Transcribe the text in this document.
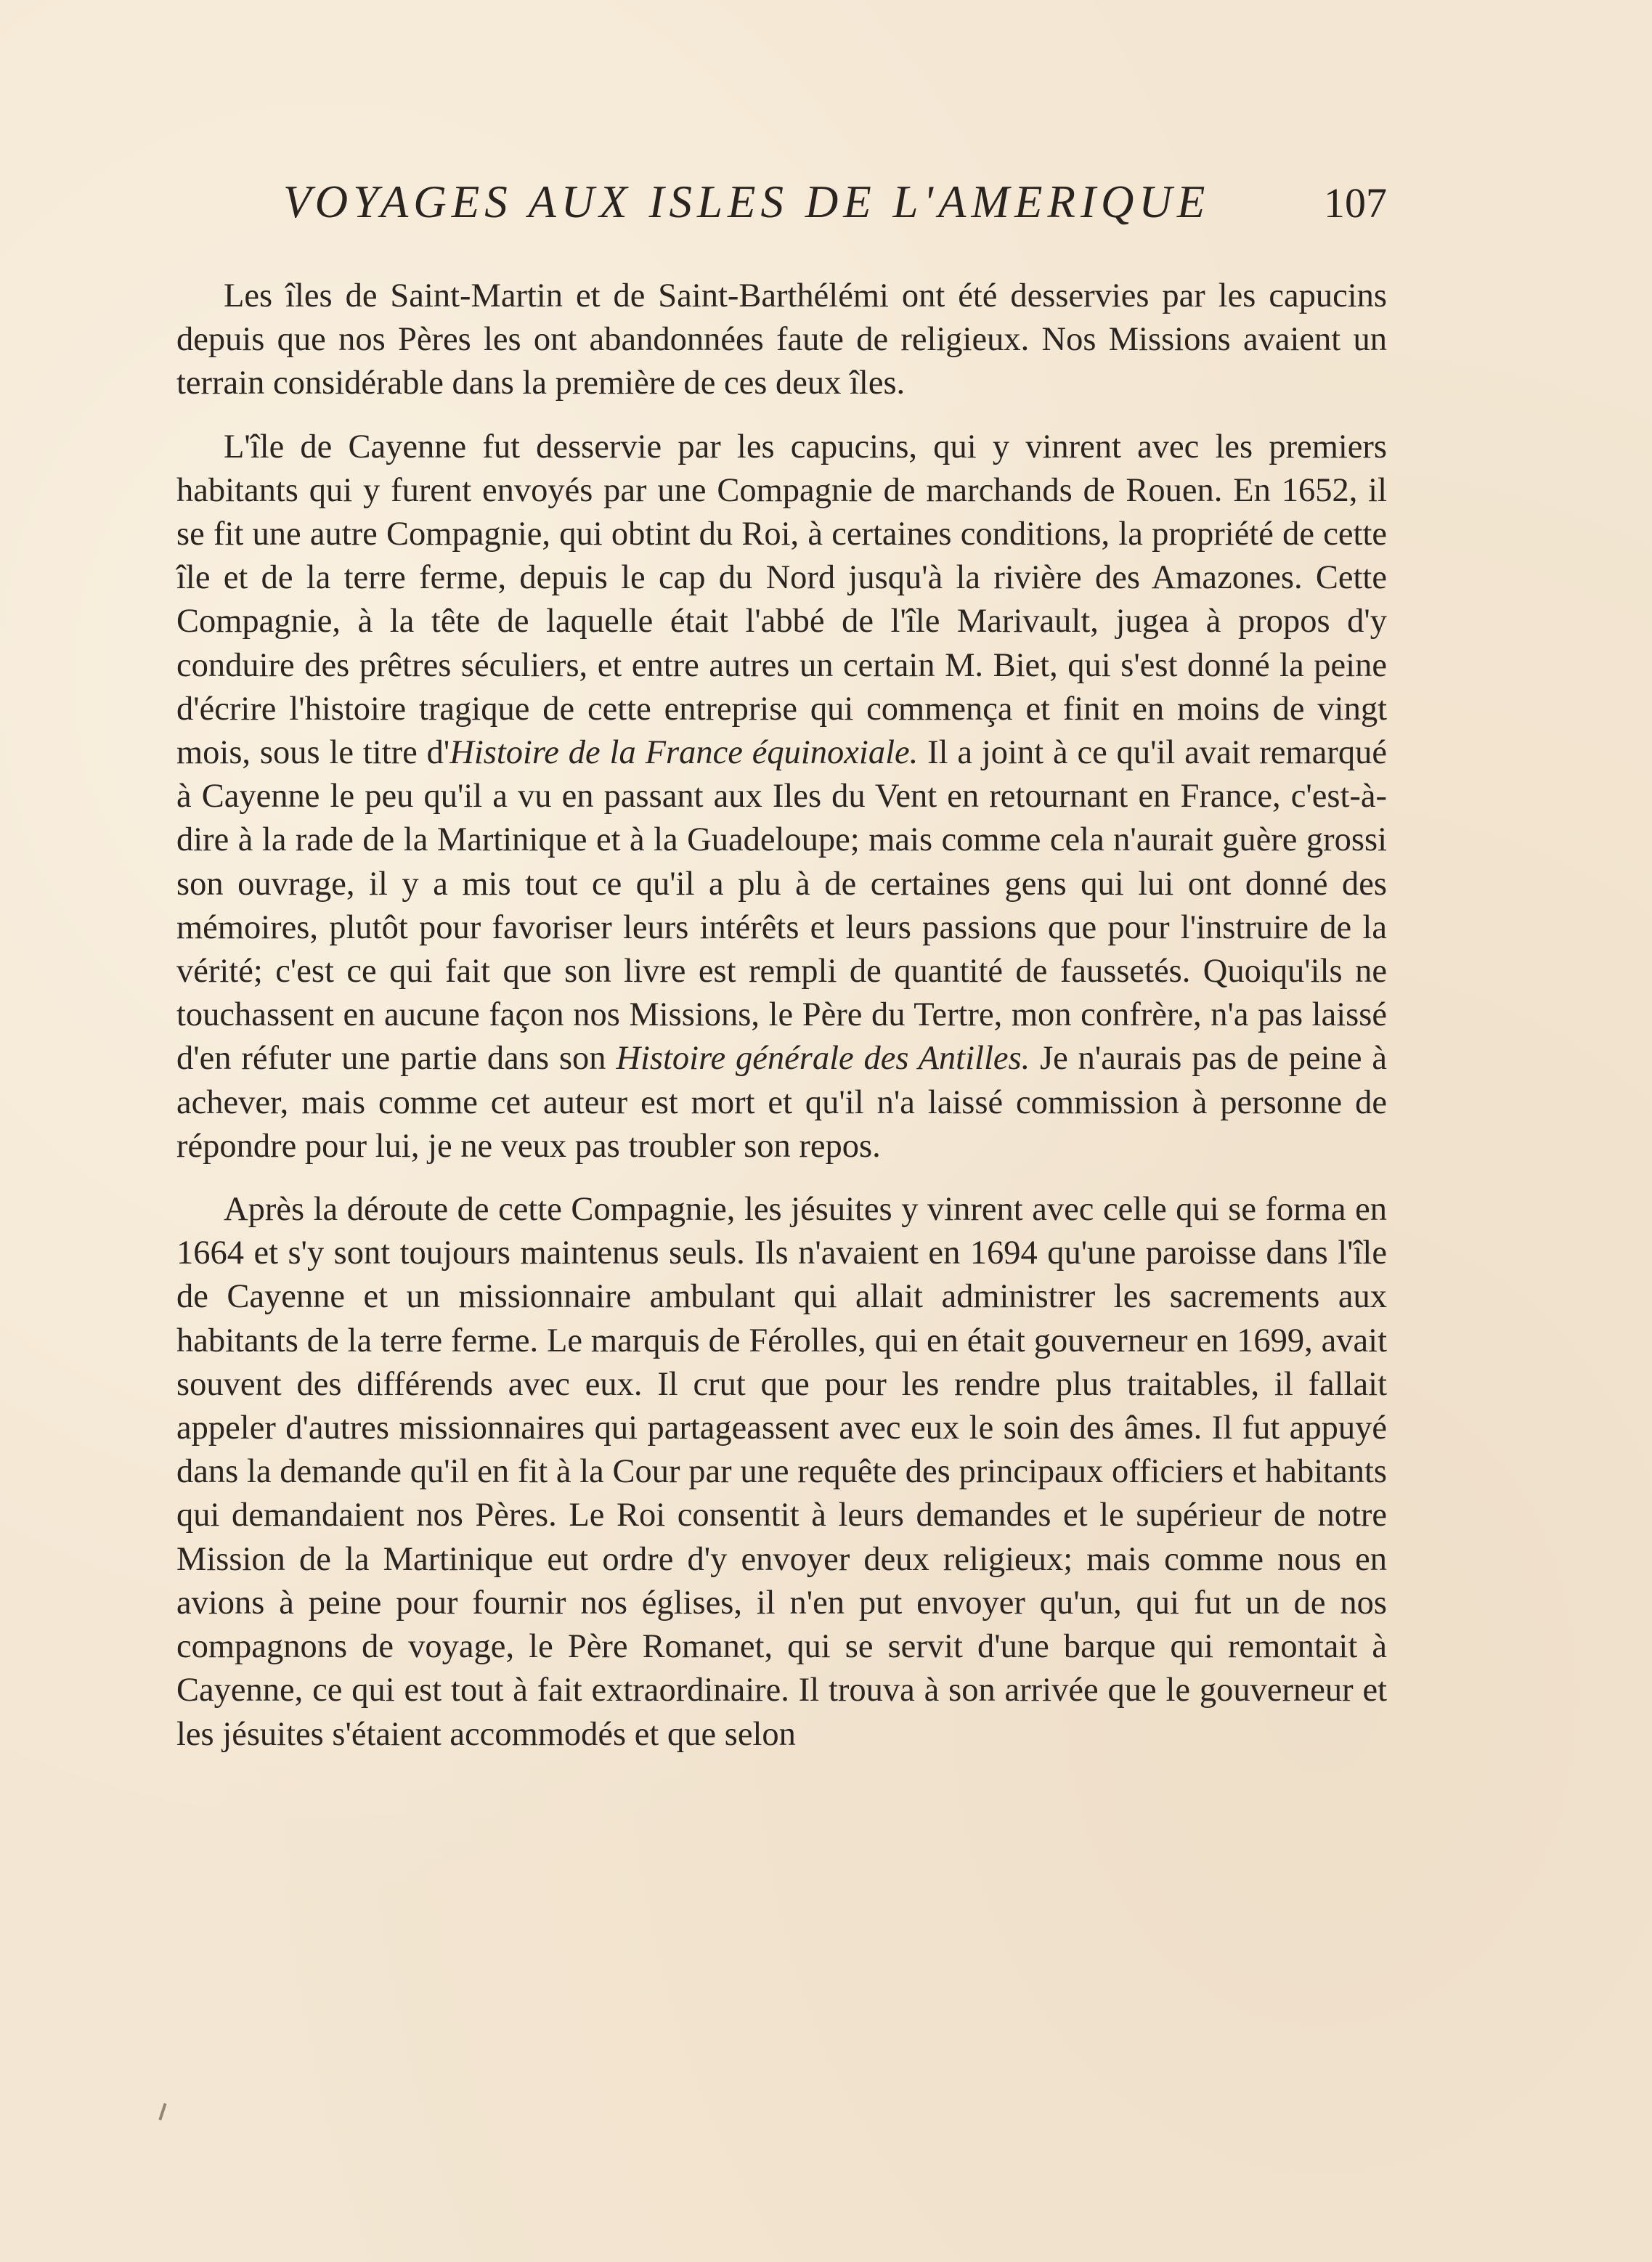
VOYAGES AUX ISLES DE L'AMERIQUE	107

Les îles de Saint-Martin et de Saint-Barthélémi ont été desservies par les capucins depuis que nos Pères les ont abandonnées faute de religieux. Nos Missions avaient un terrain considérable dans la première de ces deux îles.

L'île de Cayenne fut desservie par les capucins, qui y vinrent avec les premiers habitants qui y furent envoyés par une Compagnie de marchands de Rouen. En 1652, il se fit une autre Compagnie, qui obtint du Roi, à certaines conditions, la propriété de cette île et de la terre ferme, depuis le cap du Nord jusqu'à la rivière des Amazones. Cette Compagnie, à la tête de laquelle était l'abbé de l'île Marivault, jugea à propos d'y conduire des prêtres séculiers, et entre autres un certain M. Biet, qui s'est donné la peine d'écrire l'histoire tragique de cette entreprise qui commença et finit en moins de vingt mois, sous le titre d'Histoire de la France équinoxiale. Il a joint à ce qu'il avait remarqué à Cayenne le peu qu'il a vu en passant aux Iles du Vent en retournant en France, c'est-à-dire à la rade de la Martinique et à la Guadeloupe; mais comme cela n'aurait guère grossi son ouvrage, il y a mis tout ce qu'il a plu à de certaines gens qui lui ont donné des mémoires, plutôt pour favoriser leurs intérêts et leurs passions que pour l'instruire de la vérité; c'est ce qui fait que son livre est rempli de quantité de faussetés. Quoiqu'ils ne touchassent en aucune façon nos Missions, le Père du Tertre, mon confrère, n'a pas laissé d'en réfuter une partie dans son Histoire générale des Antilles. Je n'aurais pas de peine à achever, mais comme cet auteur est mort et qu'il n'a laissé commission à personne de répondre pour lui, je ne veux pas troubler son repos.

Après la déroute de cette Compagnie, les jésuites y vinrent avec celle qui se forma en 1664 et s'y sont toujours maintenus seuls. Ils n'avaient en 1694 qu'une paroisse dans l'île de Cayenne et un missionnaire ambulant qui allait administrer les sacrements aux habitants de la terre ferme. Le marquis de Férolles, qui en était gouverneur en 1699, avait souvent des différends avec eux. Il crut que pour les rendre plus traitables, il fallait appeler d'autres missionnaires qui partageassent avec eux le soin des âmes. Il fut appuyé dans la demande qu'il en fit à la Cour par une requête des principaux officiers et habitants qui demandaient nos Pères. Le Roi consentit à leurs demandes et le supérieur de notre Mission de la Martinique eut ordre d'y envoyer deux religieux; mais comme nous en avions à peine pour fournir nos églises, il n'en put envoyer qu'un, qui fut un de nos compagnons de voyage, le Père Romanet, qui se servit d'une barque qui remontait à Cayenne, ce qui est tout à fait extraordinaire. Il trouva à son arrivée que le gouverneur et les jésuites s'étaient accommodés et que selon
